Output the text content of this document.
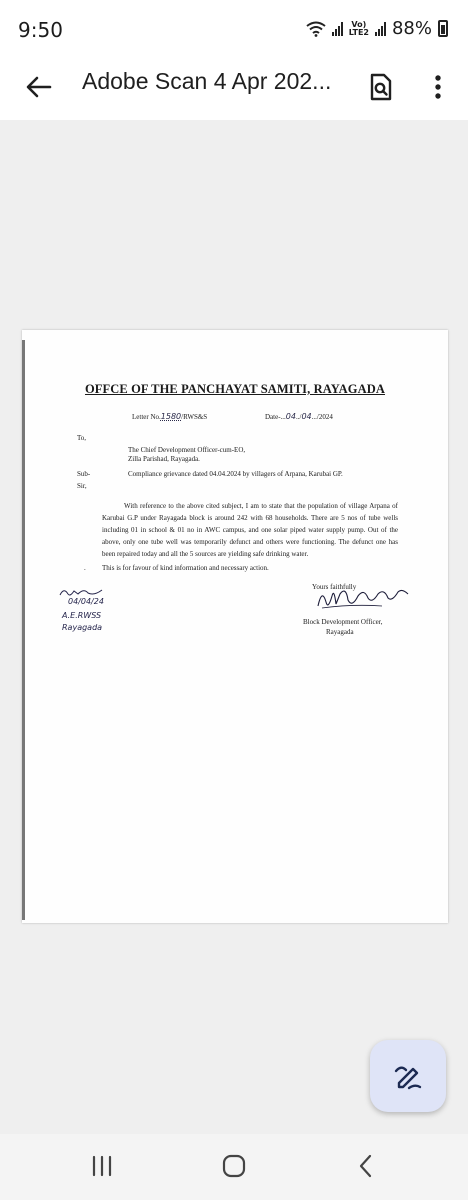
9:50	Vo)
LTE2 88%
Adobe Scan 4 Apr 202...
OFFCE OF THE PANCHAYAT SAMITI, RAYAGADA
Letter No.1580/RWS&S	Date-...04../04.../2024
To,
The Chief Development Officer-cum-EO,
Zilla Parishad, Rayagada.
Sub-	Compliance grievance dated 04.04.2024 by villagers of Arpana, Karubai GP.
Sir,
With reference to the above cited subject, I am to state that the population of village Arpana of Karubai G.P under Rayagada block is around 242 with 68 households. There are 5 nos of tube wells including 01 in school & 01 no in AWC campus, and one solar piped water supply pump. Out of the above, only one tube well was temporarily defunct and others were functioning. The defunct one has been repaired today and all the 5 sources are yielding safe drinking water.
. This is for favour of kind information and necessary action.
Yours faithfully
Block Development Officer,
Rayagada
04/04/24
A.E.RWSS
Rayagada
